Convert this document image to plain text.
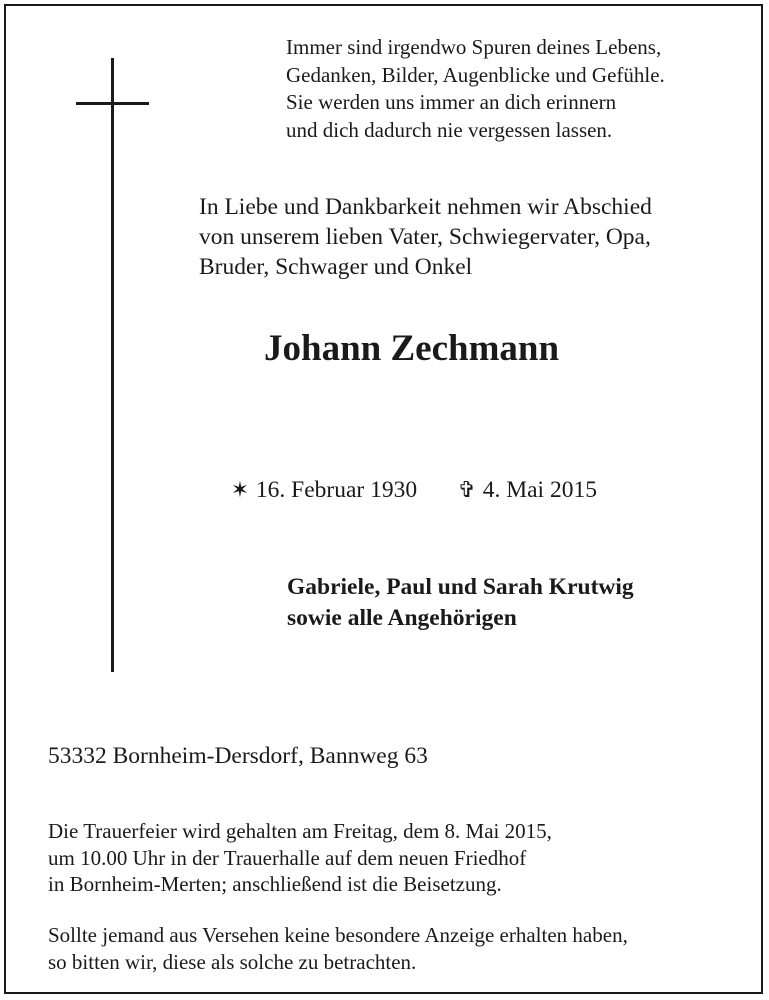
Immer sind irgendwo Spuren deines Lebens,
Gedanken, Bilder, Augenblicke und Gefühle.
Sie werden uns immer an dich erinnern
und dich dadurch nie vergessen lassen.
In Liebe und Dankbarkeit nehmen wir Abschied
von unserem lieben Vater, Schwiegervater, Opa,
Bruder, Schwager und Onkel
Johann Zechmann
✶ 16. Februar 1930 ✞ 4. Mai 2015
Gabriele, Paul und Sarah Krutwig
sowie alle Angehörigen
53332 Bornheim-Dersdorf, Bannweg 63
Die Trauerfeier wird gehalten am Freitag, dem 8. Mai 2015,
um 10.00 Uhr in der Trauerhalle auf dem neuen Friedhof
in Bornheim-Merten; anschließend ist die Beisetzung.
Sollte jemand aus Versehen keine besondere Anzeige erhalten haben,
so bitten wir, diese als solche zu betrachten.
